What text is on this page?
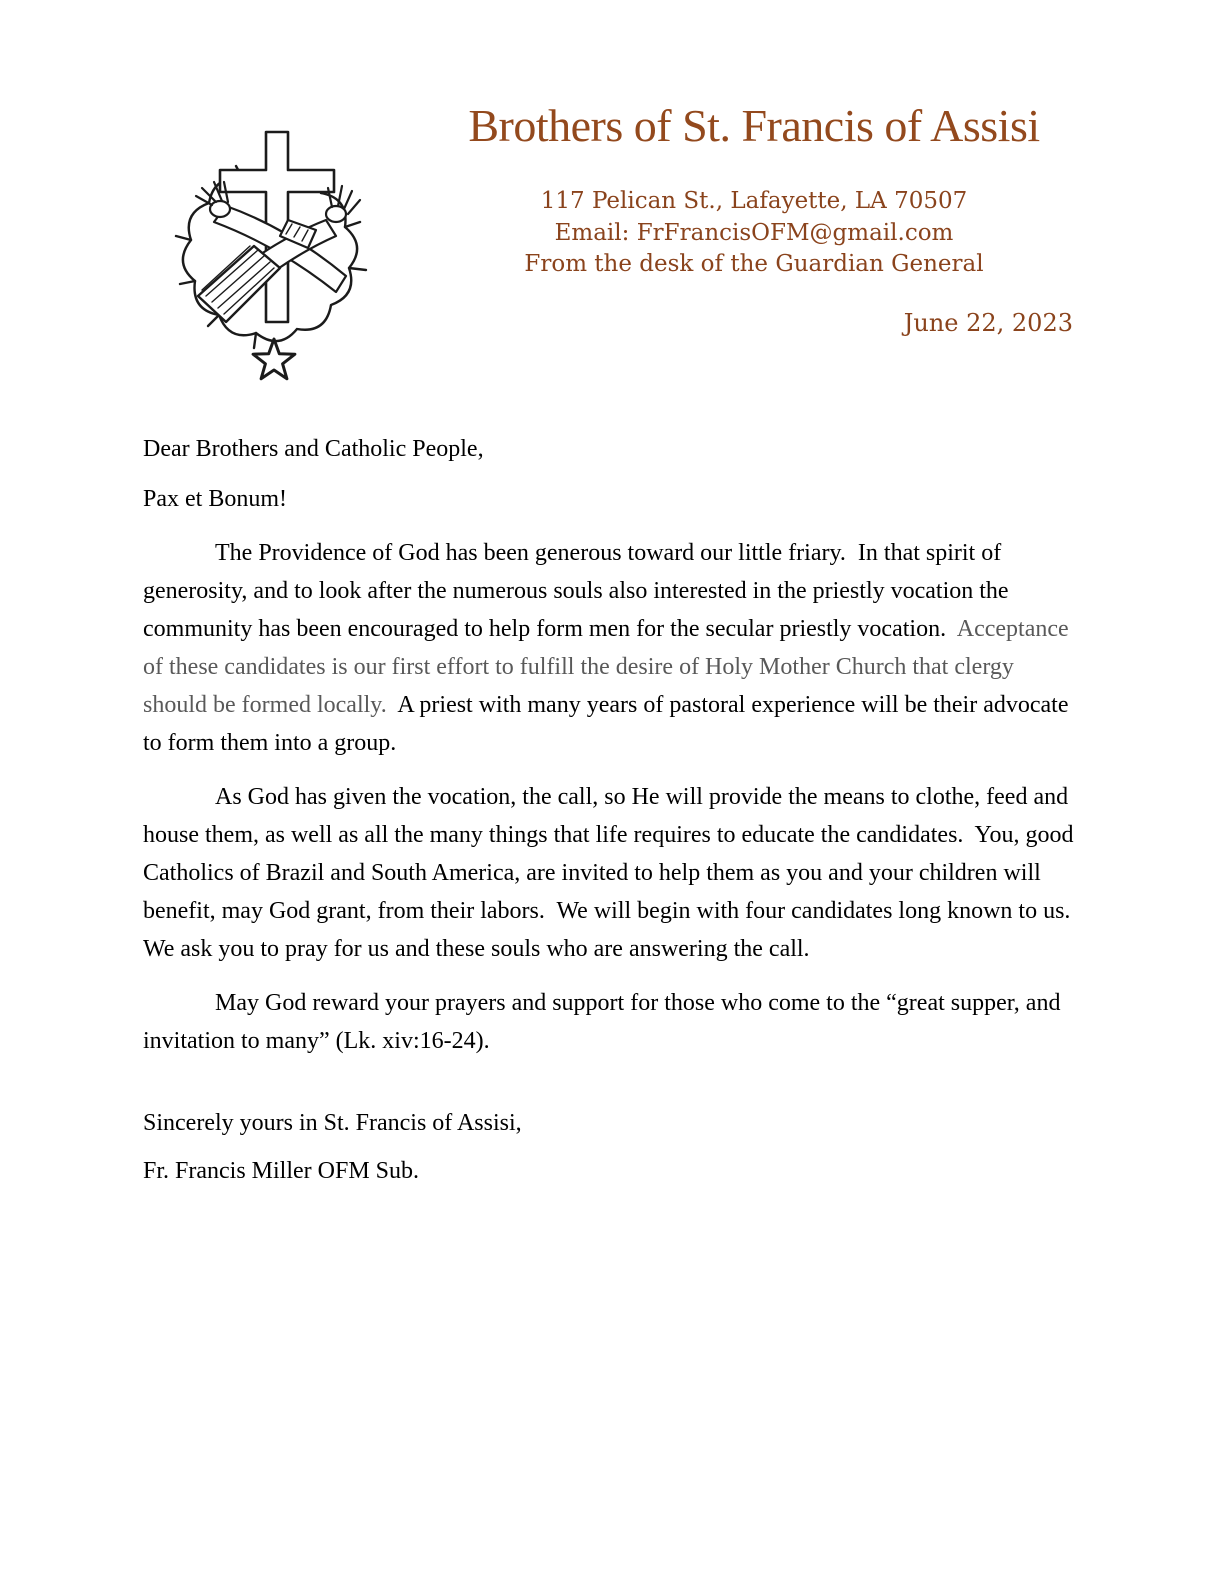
Brothers of St. Francis of Assisi
117 Pelican St., Lafayette, LA 70507
Email: FrFrancisOFM@gmail.com
From the desk of the Guardian General
June 22, 2023

Dear Brothers and Catholic People,

Pax et Bonum!

The Providence of God has been generous toward our little friary.  In that spirit of generosity, and to look after the numerous souls also interested in the priestly vocation the community has been encouraged to help form men for the secular priestly vocation.  Acceptance of these candidates is our first effort to fulfill the desire of Holy Mother Church that clergy should be formed locally.  A priest with many years of pastoral experience will be their advocate to form them into a group.

As God has given the vocation, the call, so He will provide the means to clothe, feed and house them, as well as all the many things that life requires to educate the candidates.  You, good Catholics of Brazil and South America, are invited to help them as you and your children will benefit, may God grant, from their labors.  We will begin with four candidates long known to us. We ask you to pray for us and these souls who are answering the call.

May God reward your prayers and support for those who come to the “great supper, and invitation to many” (Lk. xiv:16-24).

Sincerely yours in St. Francis of Assisi,

Fr. Francis Miller OFM Sub.
